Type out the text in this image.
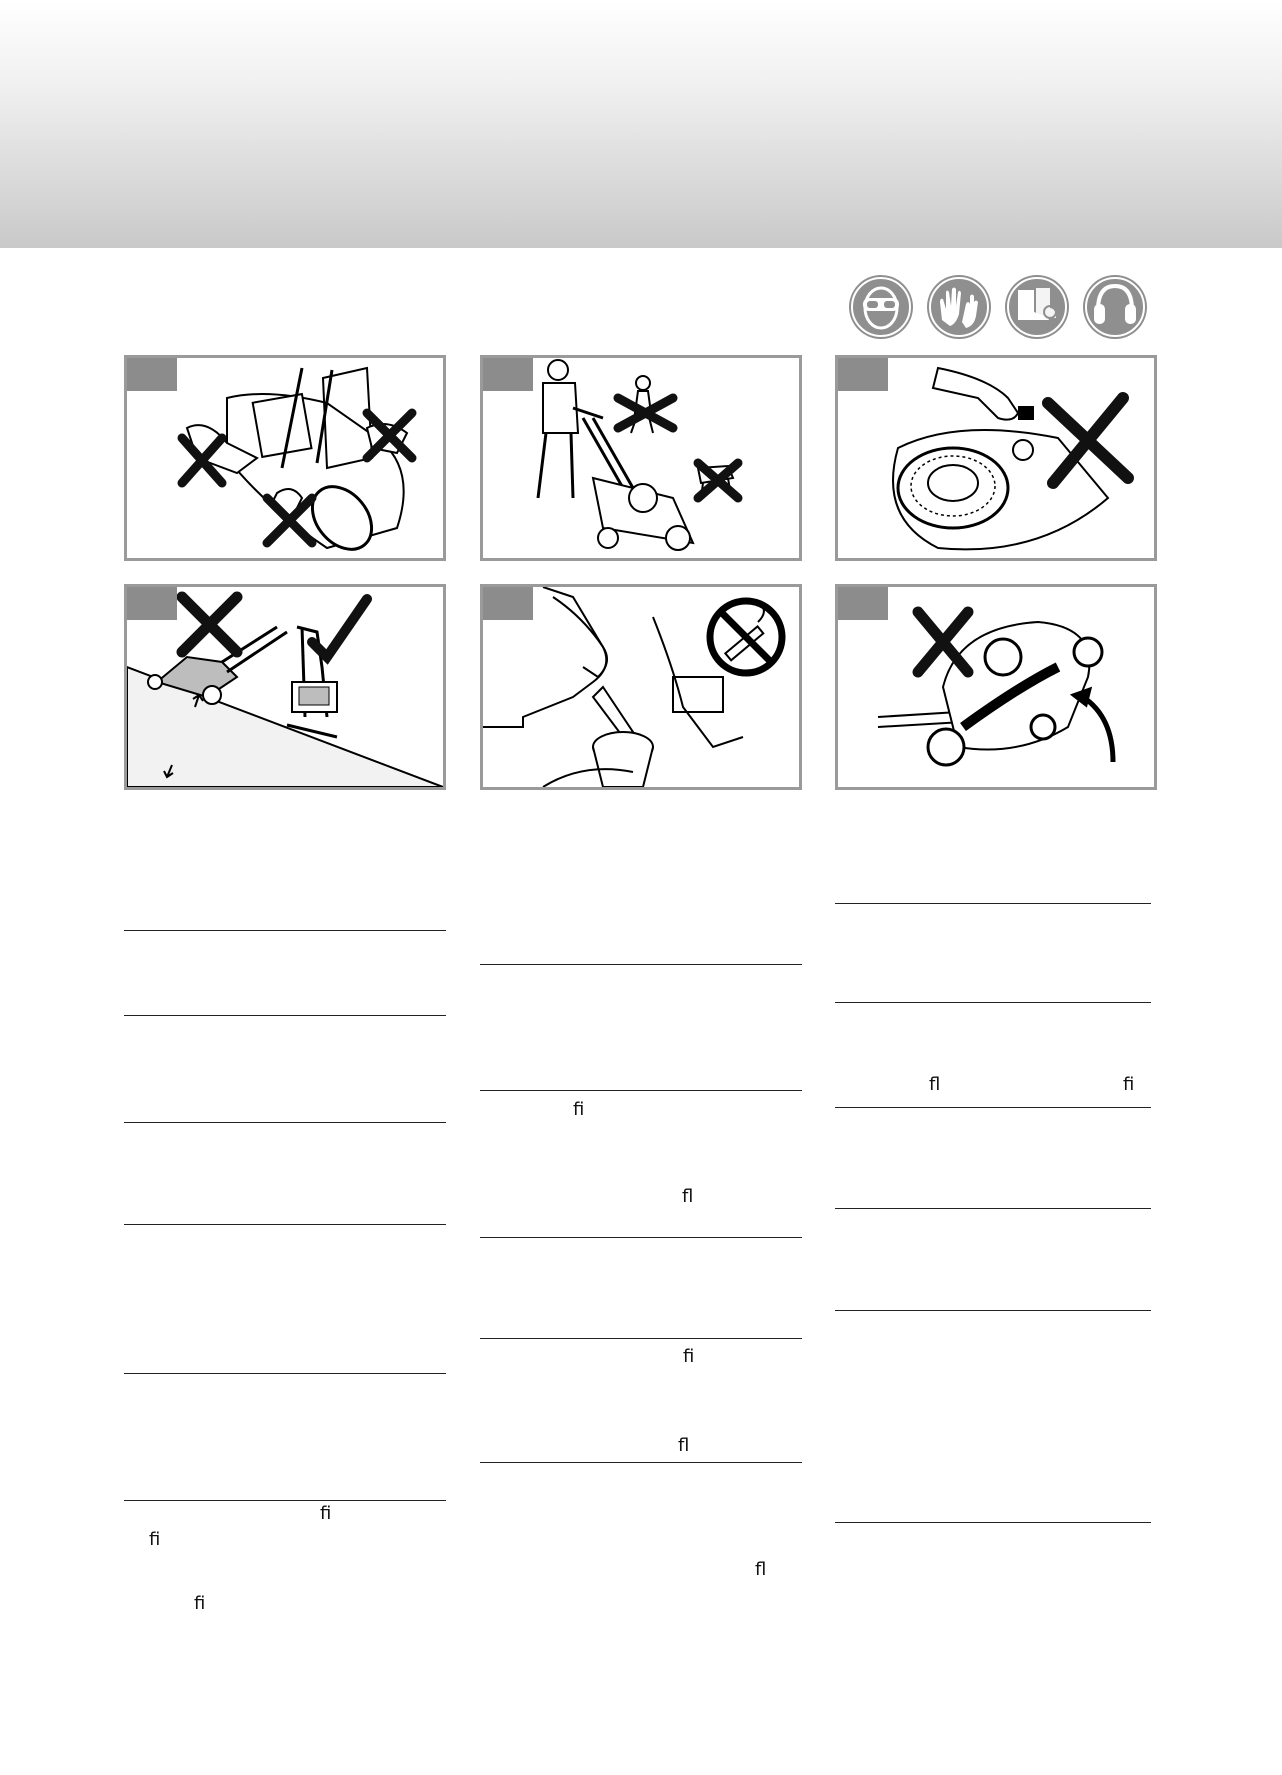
ﬁ
ﬁ
ﬁ
ﬁ
ﬂ
ﬁ
ﬂ
ﬂ
ﬂ	ﬁ
